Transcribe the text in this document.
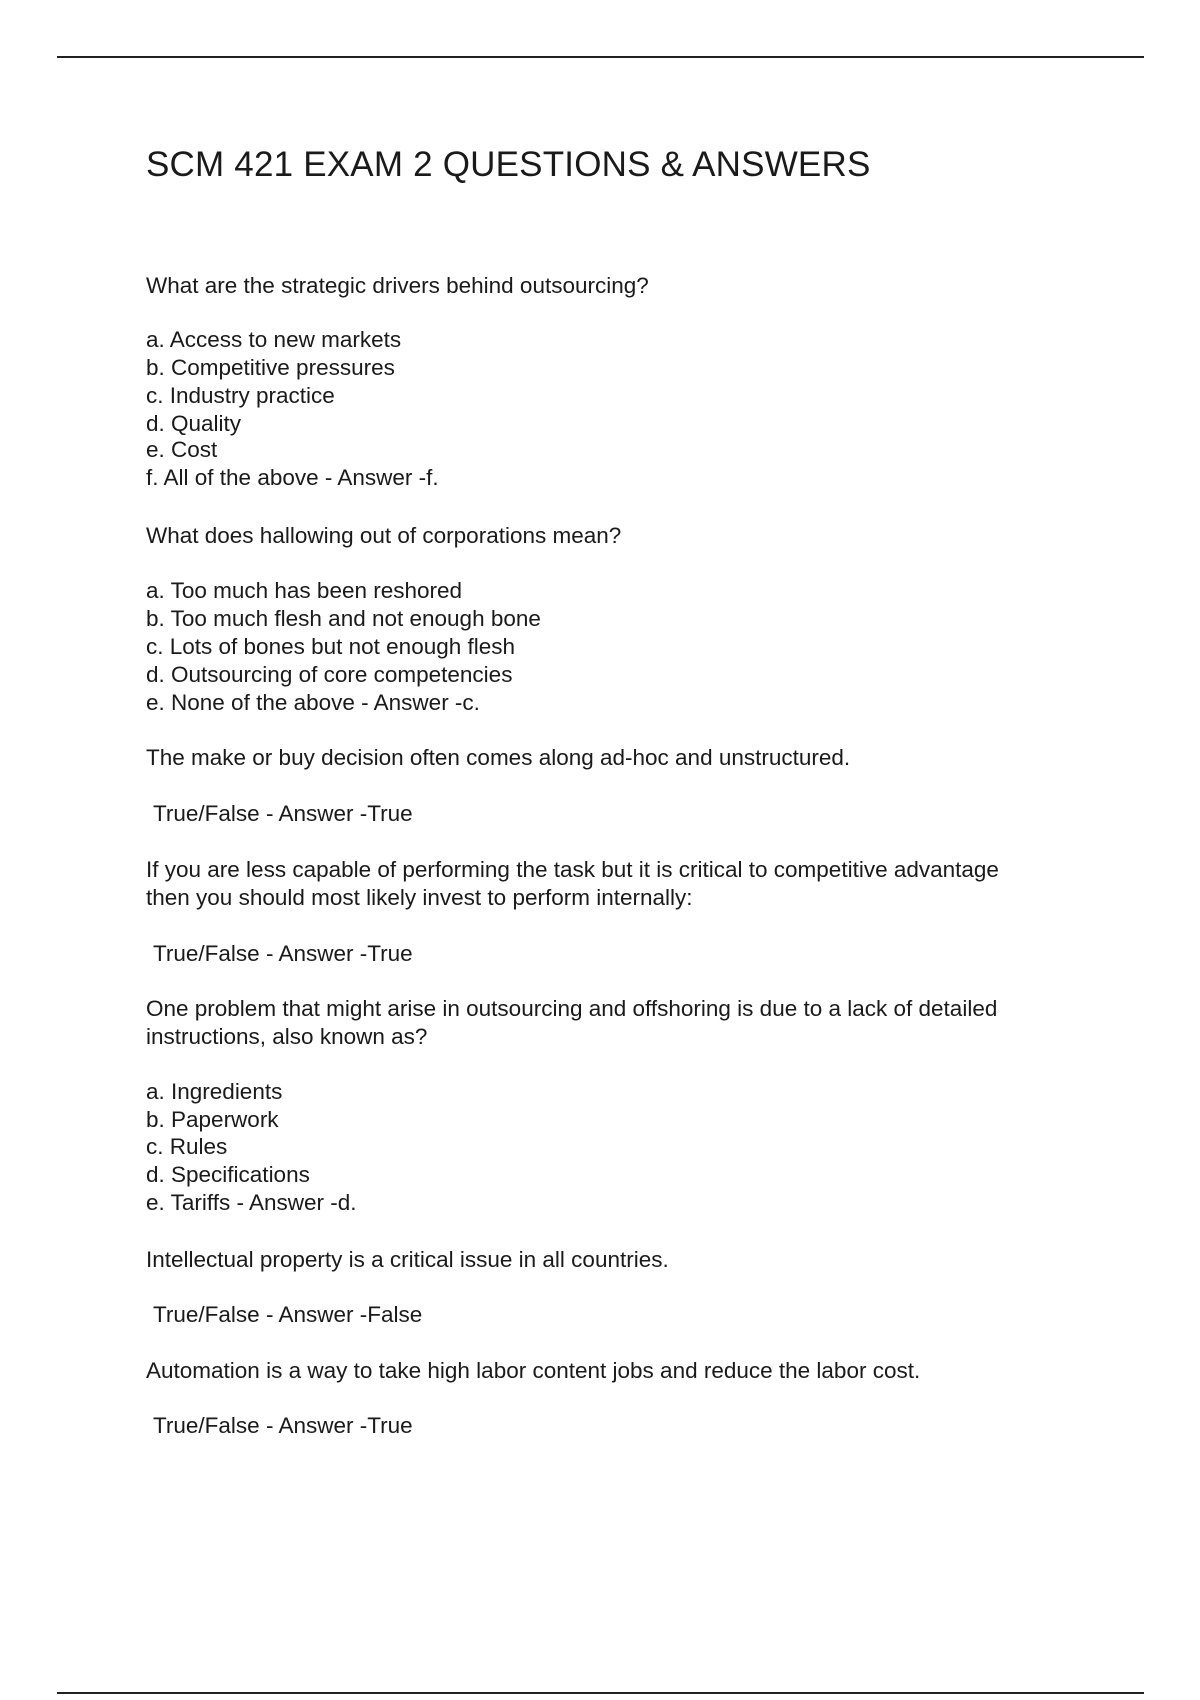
SCM 421 EXAM 2 QUESTIONS & ANSWERS
What are the strategic drivers behind outsourcing?
a. Access to new markets
b. Competitive pressures
c. Industry practice
d. Quality
e. Cost
f. All of the above - Answer -f.
What does hallowing out of corporations mean?
a. Too much has been reshored
b. Too much flesh and not enough bone
c. Lots of bones but not enough flesh
d. Outsourcing of core competencies
e. None of the above - Answer -c.
The make or buy decision often comes along ad-hoc and unstructured.
True/False - Answer -True
If you are less capable of performing the task but it is critical to competitive advantage
then you should most likely invest to perform internally:
True/False - Answer -True
One problem that might arise in outsourcing and offshoring is due to a lack of detailed
instructions, also known as?
a. Ingredients
b. Paperwork
c. Rules
d. Specifications
e. Tariffs - Answer -d.
Intellectual property is a critical issue in all countries.
True/False - Answer -False
Automation is a way to take high labor content jobs and reduce the labor cost.
True/False - Answer -True
